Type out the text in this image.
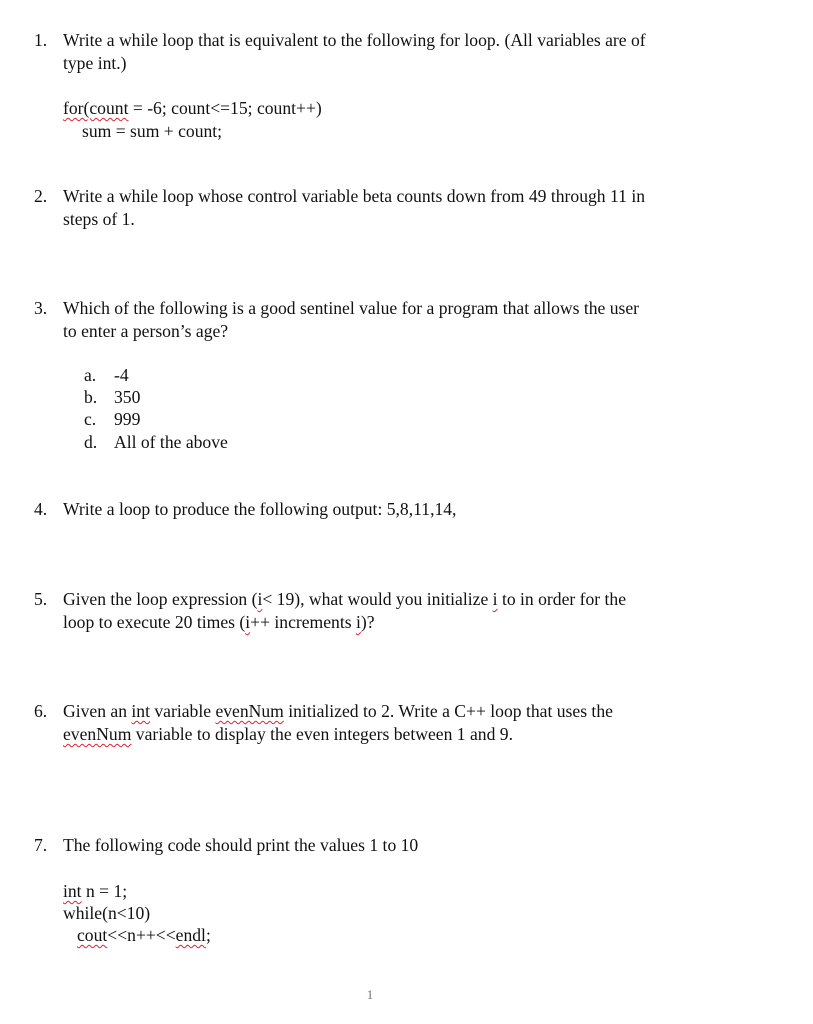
1. Write a while loop that is equivalent to the following for loop. (All variables are of
type int.)
for(count = -6; count<=15; count++)
sum = sum + count;
2. Write a while loop whose control variable beta counts down from 49 through 11 in
steps of 1.
3. Which of the following is a good sentinel value for a program that allows the user
to enter a person’s age?
a. -4
b. 350
c. 999
d. All of the above
4. Write a loop to produce the following output: 5,8,11,14,
5. Given the loop expression (i< 19), what would you initialize i to in order for the
loop to execute 20 times (i++ increments i)?
6. Given an int variable evenNum initialized to 2. Write a C++ loop that uses the
evenNum variable to display the even integers between 1 and 9.
7. The following code should print the values 1 to 10
int n = 1;
while(n<10)
cout<<n++<<endl;
1
